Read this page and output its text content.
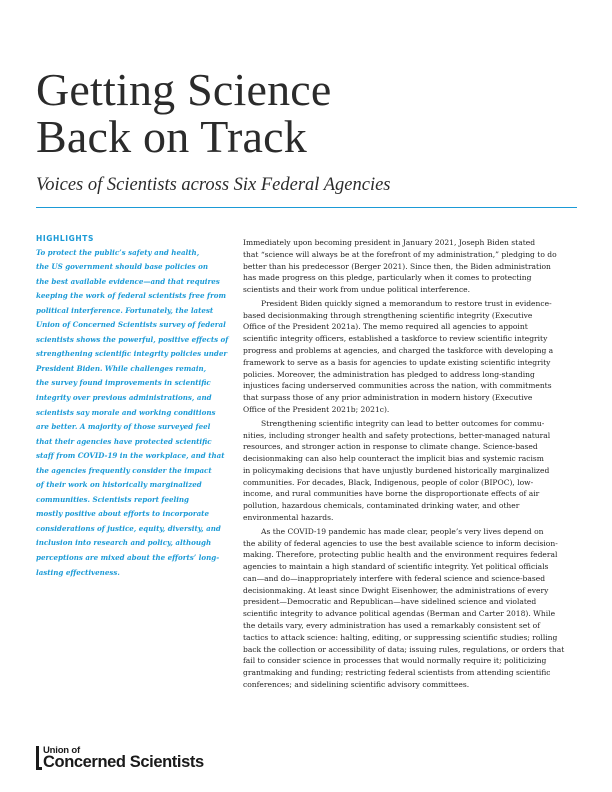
Getting Science
Back on Track
Voices of Scientists across Six Federal Agencies
HIGHLIGHTS
To protect the public’s safety and health,
the US government should base policies on
the best available evidence—and that requires
keeping the work of federal scientists free from
political interference. Fortunately, the latest
Union of Concerned Scientists survey of federal
scientists shows the powerful, positive effects of
strengthening scientific integrity policies under
President Biden. While challenges remain,
the survey found improvements in scientific
integrity over previous administrations, and
scientists say morale and working conditions
are better. A majority of those surveyed feel
that their agencies have protected scientific
staff from COVID-19 in the workplace, and that
the agencies frequently consider the impact
of their work on historically marginalized
communities. Scientists report feeling
mostly positive about efforts to incorporate
considerations of justice, equity, diversity, and
inclusion into research and policy, although
perceptions are mixed about the efforts’ long-
lasting effectiveness.
Immediately upon becoming president in January 2021, Joseph Biden stated
that “science will always be at the forefront of my administration,” pledging to do
better than his predecessor (Berger 2021). Since then, the Biden administration
has made progress on this pledge, particularly when it comes to protecting
scientists and their work from undue political interference.
President Biden quickly signed a memorandum to restore trust in evidence-
based decisionmaking through strengthening scientific integrity (Executive
Office of the President 2021a). The memo required all agencies to appoint
scientific integrity officers, established a taskforce to review scientific integrity
progress and problems at agencies, and charged the taskforce with developing a
framework to serve as a basis for agencies to update existing scientific integrity
policies. Moreover, the administration has pledged to address long-standing
injustices facing underserved communities across the nation, with commitments
that surpass those of any prior administration in modern history (Executive
Office of the President 2021b; 2021c).
Strengthening scientific integrity can lead to better outcomes for commu-
nities, including stronger health and safety protections, better-managed natural
resources, and stronger action in response to climate change. Science-based
decisionmaking can also help counteract the implicit bias and systemic racism
in policymaking decisions that have unjustly burdened historically marginalized
communities. For decades, Black, Indigenous, people of color (BIPOC), low-
income, and rural communities have borne the disproportionate effects of air
pollution, hazardous chemicals, contaminated drinking water, and other
environmental hazards.
As the COVID-19 pandemic has made clear, people’s very lives depend on
the ability of federal agencies to use the best available science to inform decision-
making. Therefore, protecting public health and the environment requires federal
agencies to maintain a high standard of scientific integrity. Yet political officials
can—and do—inappropriately interfere with federal science and science-based
decisionmaking. At least since Dwight Eisenhower, the administrations of every
president—Democratic and Republican—have sidelined science and violated
scientific integrity to advance political agendas (Berman and Carter 2018). While
the details vary, every administration has used a remarkably consistent set of
tactics to attack science: halting, editing, or suppressing scientific studies; rolling
back the collection or accessibility of data; issuing rules, regulations, or orders that
fail to consider science in processes that would normally require it; politicizing
grantmaking and funding; restricting federal scientists from attending scientific
conferences; and sidelining scientific advisory committees.
Union of
Concerned Scientists
